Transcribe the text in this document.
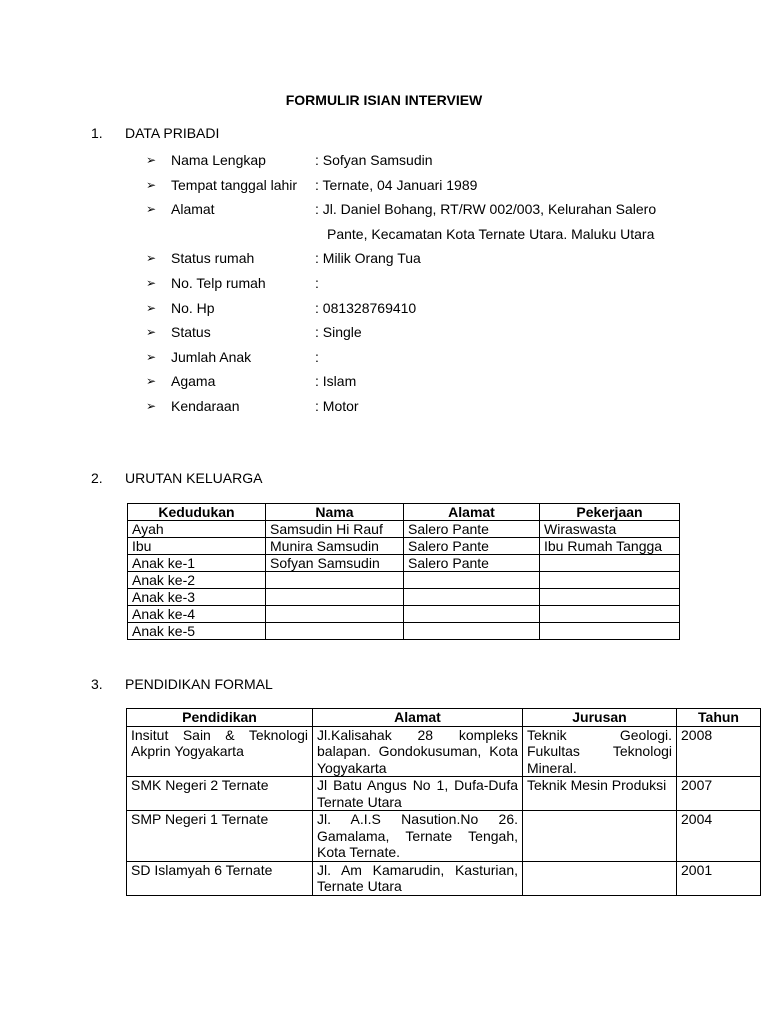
FORMULIR ISIAN INTERVIEW
1. DATA PRIBADI
➢ Nama Lengkap	: Sofyan Samsudin
➢ Tempat tanggal lahir : Ternate, 04 Januari 1989
➢ Alamat	: Jl. Daniel Bohang, RT/RW 002/003, Kelurahan Salero
Pante, Kecamatan Kota Ternate Utara. Maluku Utara
➢ Status rumah	: Milik Orang Tua
➢ No. Telp rumah	:
➢ No. Hp	: 081328769410
➢ Status	: Single
➢ Jumlah Anak	:
➢ Agama	: Islam
➢ Kendaraan	: Motor
2. URUTAN KELUARGA
Kedudukan	Nama	Alamat	Pekerjaan
Ayah	Samsudin Hi Rauf	Salero Pante	Wiraswasta
Ibu	Munira Samsudin	Salero Pante	Ibu Rumah Tangga
Anak ke-1	Sofyan Samsudin	Salero Pante	
Anak ke-2			
Anak ke-3			
Anak ke-4			
Anak ke-5			
3. PENDIDIKAN FORMAL
Pendidikan	Alamat	Jurusan	Tahun
Insitut Sain & Teknologi Akprin Yogyakarta	Jl.Kalisahak 28 kompleks balapan. Gondokusuman, Kota Yogyakarta	Teknik Geologi. Fukultas Teknologi Mineral.	2008
SMK Negeri 2 Ternate	Jl Batu Angus No 1, Dufa-Dufa Ternate Utara	Teknik Mesin Produksi	2007
SMP Negeri 1 Ternate	Jl. A.I.S Nasution.No 26. Gamalama, Ternate Tengah, Kota Ternate.		2004
SD Islamyah 6 Ternate	Jl. Am Kamarudin, Kasturian, Ternate Utara		2001
